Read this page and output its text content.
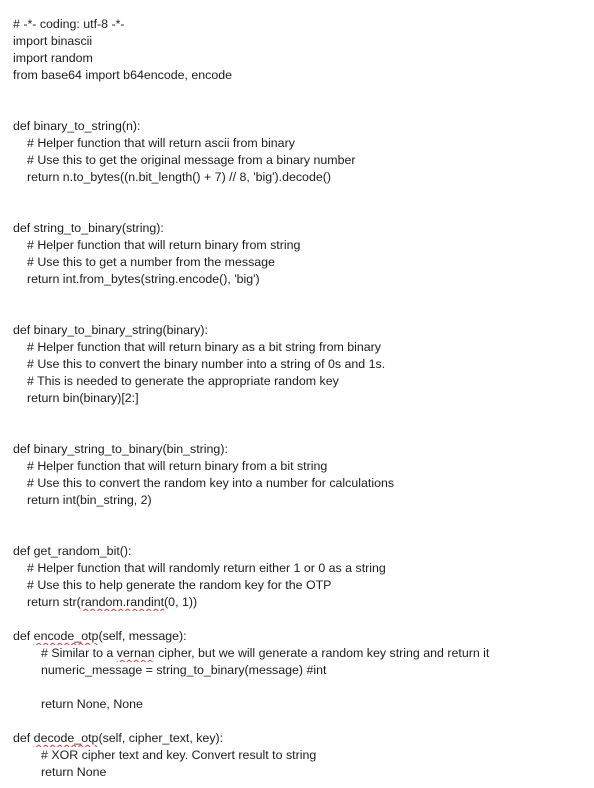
# -*- coding: utf-8 -*-
import binascii
import random
from base64 import b64encode, encode
def binary_to_string(n):
# Helper function that will return ascii from binary
# Use this to get the original message from a binary number
return n.to_bytes((n.bit_length() + 7) // 8, 'big').decode()
def string_to_binary(string):
# Helper function that will return binary from string
# Use this to get a number from the message
return int.from_bytes(string.encode(), 'big')
def binary_to_binary_string(binary):
# Helper function that will return binary as a bit string from binary
# Use this to convert the binary number into a string of 0s and 1s.
# This is needed to generate the appropriate random key
return bin(binary)[2:]
def binary_string_to_binary(bin_string):
# Helper function that will return binary from a bit string
# Use this to convert the random key into a number for calculations
return int(bin_string, 2)
def get_random_bit():
# Helper function that will randomly return either 1 or 0 as a string
# Use this to help generate the random key for the OTP
return str(random.randint(0, 1))
def encode_otp(self, message):
# Similar to a vernan cipher, but we will generate a random key string and return it
numeric_message = string_to_binary(message) #int
return None, None
def decode_otp(self, cipher_text, key):
# XOR cipher text and key. Convert result to string
return None
